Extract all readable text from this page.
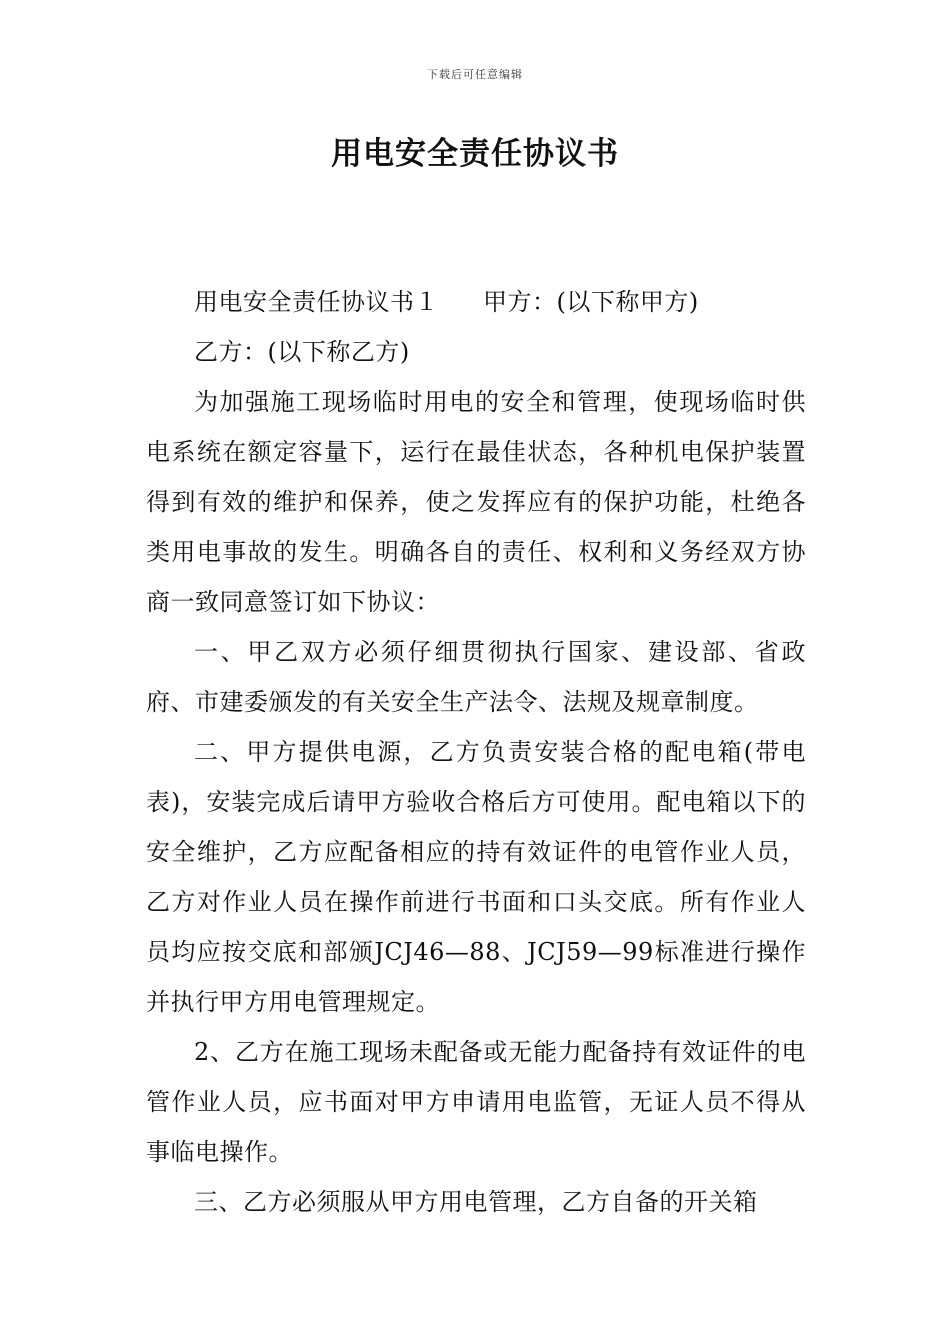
下载后可任意编辑
用电安全责任协议书

用电安全责任协议书１ 甲方：(以下称甲方)

乙方：(以下称乙方)

为加强施工现场临时用电的安全和管理，使现场临时供电系统在额定容量下，运行在最佳状态，各种机电保护装置得到有效的维护和保养，使之发挥应有的保护功能，杜绝各类用电事故的发生。明确各自的责任、权利和义务经双方协商一致同意签订如下协议：

一、甲乙双方必须仔细贯彻执行国家、建设部、省政府、市建委颁发的有关安全生产法令、法规及规章制度。

二、甲方提供电源，乙方负责安装合格的配电箱(带电表)，安装完成后请甲方验收合格后方可使用。配电箱以下的安全维护，乙方应配备相应的持有效证件的电管作业人员，乙方对作业人员在操作前进行书面和口头交底。所有作业人员均应按交底和部颁JCJ46—88、JCJ59—99标准进行操作并执行甲方用电管理规定。

2、乙方在施工现场未配备或无能力配备持有效证件的电管作业人员，应书面对甲方申请用电监管，无证人员不得从事临电操作。

三、乙方必须服从甲方用电管理，乙方自备的开关箱
